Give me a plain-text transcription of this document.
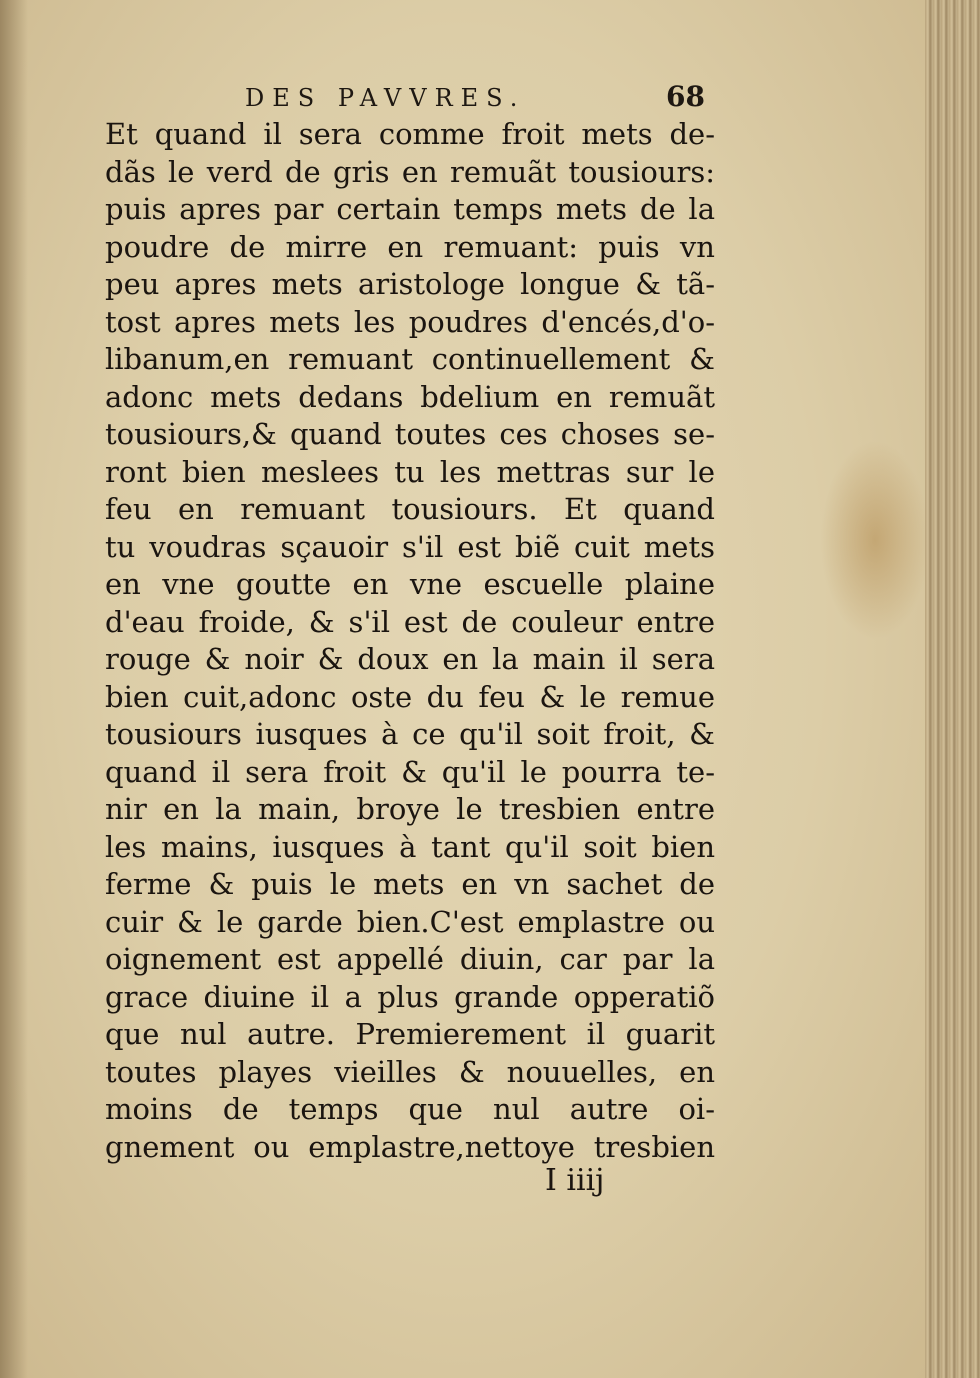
DES PAVVRES.	68
Et quand il sera comme froit mets de-
dãs le verd de gris en remuãt tousiours:
puis apres par certain temps mets de la
poudre de mirre en remuant: puis vn
peu apres mets aristologe longue & tã-
tost apres mets les poudres d'encés,d'o-
libanum,en remuant continuellement &
adonc mets dedans bdelium en remuãt
tousiours,& quand toutes ces choses se-
ront bien meslees tu les mettras sur le
feu en remuant tousiours. Et quand
tu voudras sçauoir s'il est biẽ cuit mets
en vne goutte en vne escuelle plaine
d'eau froide, & s'il est de couleur entre
rouge & noir & doux en la main il sera
bien cuit,adonc oste du feu & le remue
tousiours iusques à ce qu'il soit froit, &
quand il sera froit & qu'il le pourra te-
nir en la main, broye le tresbien entre
les mains, iusques à tant qu'il soit bien
ferme & puis le mets en vn sachet de
cuir & le garde bien.C'est emplastre ou
oignement est appellé diuin, car par la
grace diuine il a plus grande opperatiõ
que nul autre. Premierement il guarit
toutes playes vieilles & nouuelles, en
moins de temps que nul autre oi-
gnement ou emplastre,nettoye tresbien
I iiij
